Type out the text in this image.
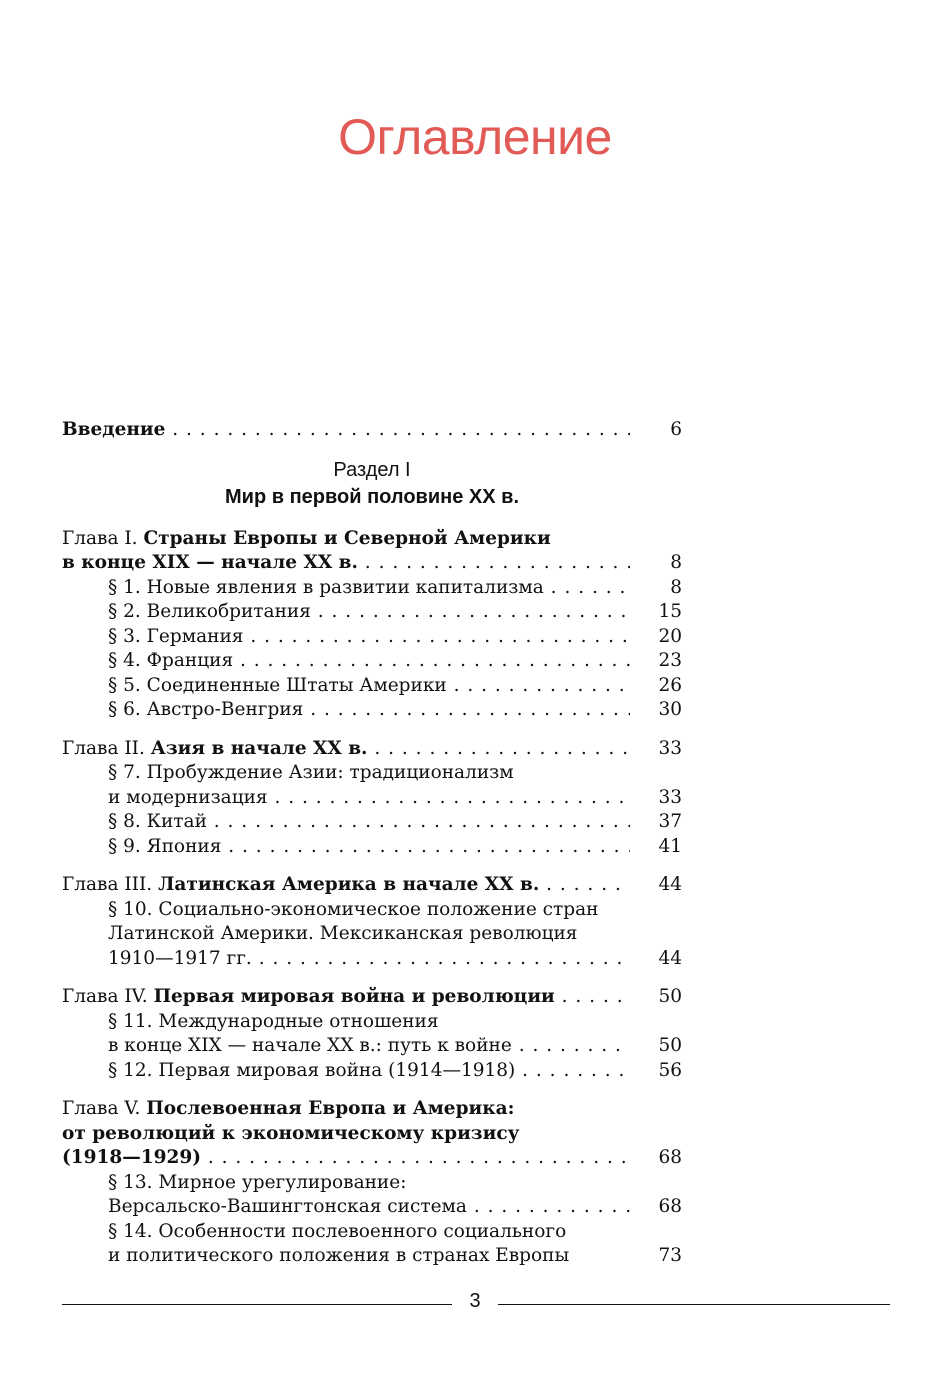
Оглавление
Введение . . .	6
Раздел I
Мир в первой половине XX в.
Глава I. Страны Европы и Северной Америки
в конце XIX — начале XX в. . . .	8
§ 1. Новые явления в развитии капитализма . . .	8
§ 2. Великобритания . . .	15
§ 3. Германия . . .	20
§ 4. Франция . . .	23
§ 5. Соединенные Штаты Америки . . .	26
§ 6. Австро-Венгрия . . .	30
Глава II. Азия в начале XX в. . . .	33
§ 7. Пробуждение Азии: традиционализм
и модернизация . . .	33
§ 8. Китай . . .	37
§ 9. Япония . . .	41
Глава III. Латинская Америка в начале XX в. . . .	44
§ 10. Социально-экономическое положение стран
Латинской Америки. Мексиканская революция
1910—1917 гг. . . .	44
Глава IV. Первая мировая война и революции . . .	50
§ 11. Международные отношения
в конце XIX — начале XX в.: путь к войне . . .	50
§ 12. Первая мировая война (1914—1918) . . .	56
Глава V. Послевоенная Европа и Америка:
от революций к экономическому кризису
(1918—1929) . . .	68
§ 13. Мирное урегулирование:
Версальско-Вашингтонская система . . .	68
§ 14. Особенности послевоенного социального
и политического положения в странах Европы	73
3
